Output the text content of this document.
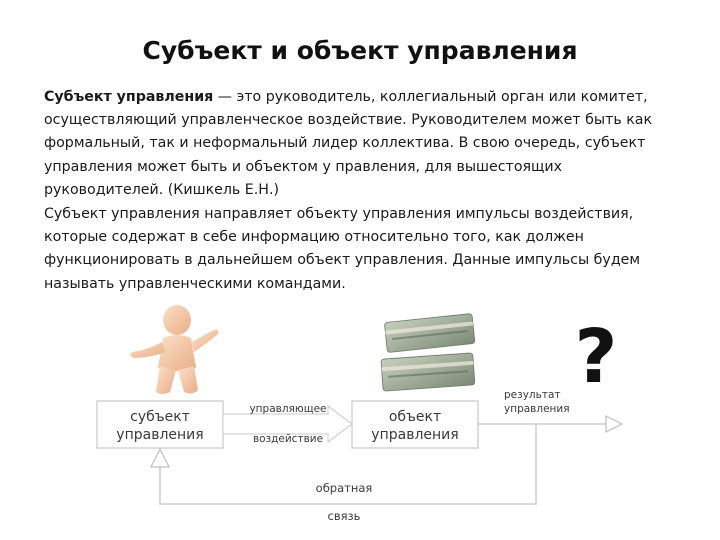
Субъект и объект управления

Субъект управления — это руководитель, коллегиальный орган или комитет, осуществляющий управленческое воздействие. Руководителем может быть как формальный, так и неформальный лидер коллектива. В свою очередь, субъект управления может быть и объектом у правления, для вышестоящих руководителей. (Кишкель Е.Н.)

Субъект управления направляет объекту управления импульсы воздействия, которые содержат в себе информацию относительно того, как должен функционировать в дальнейшем объект управления. Данные импульсы будем называть управленческими командами.

?
субъект
управления
управляющее
воздействие
объект
управления
результат
управления
обратная
связь
